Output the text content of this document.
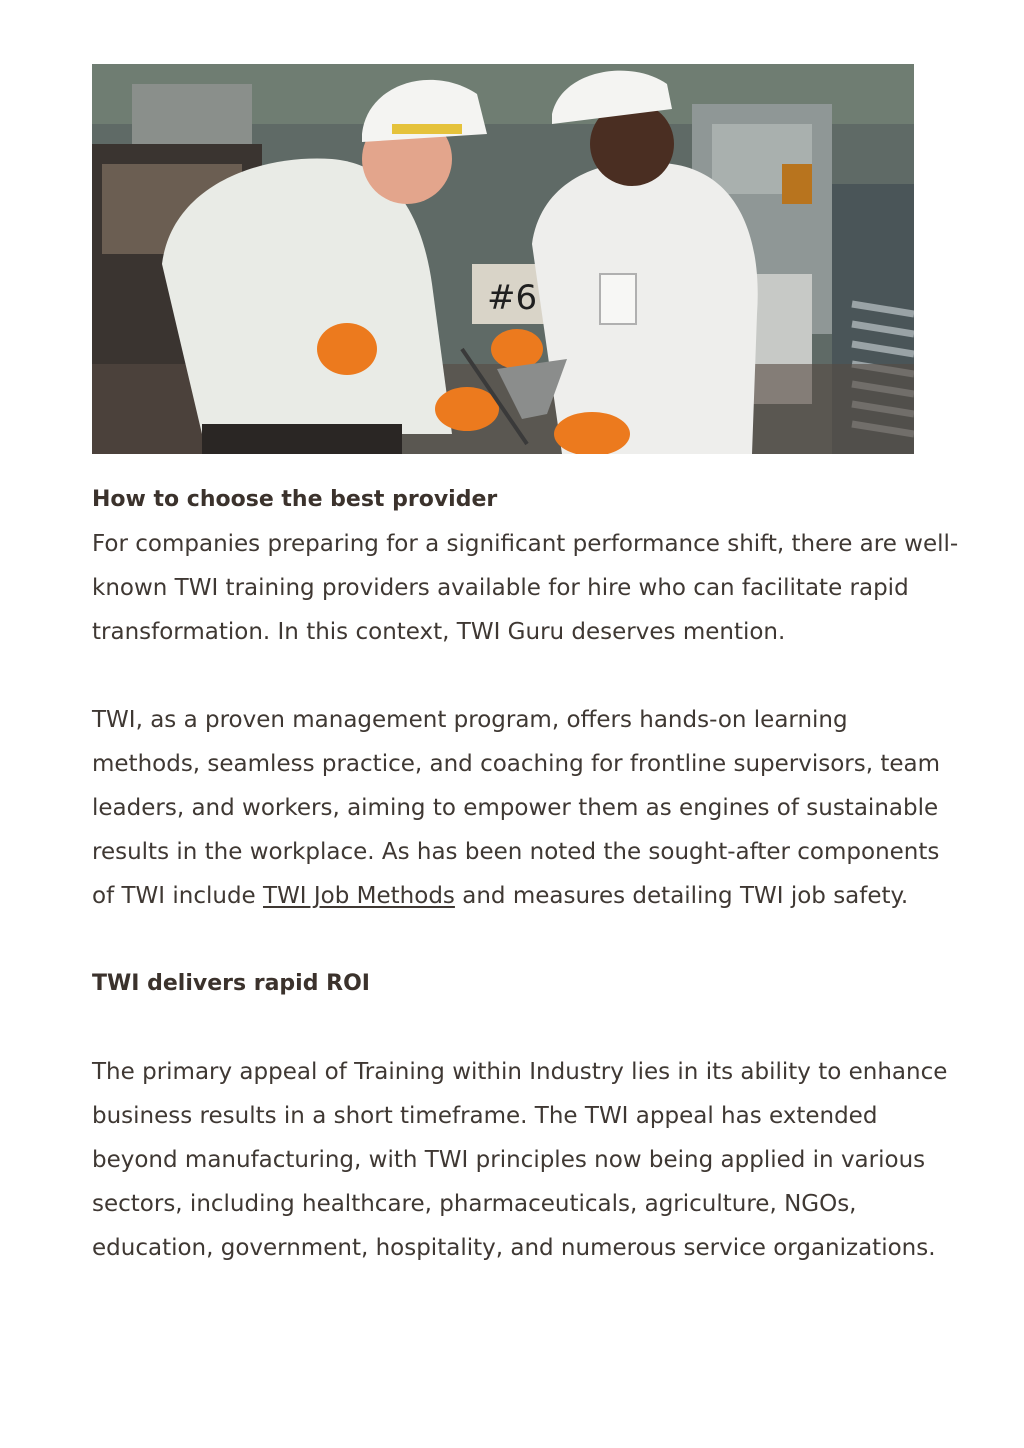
#6

How to choose the best provider

For companies preparing for a significant performance shift, there are well-known TWI training providers available for hire who can facilitate rapid transformation. In this context, TWI Guru deserves mention.

TWI, as a proven management program, offers hands-on learning methods, seamless practice, and coaching for frontline supervisors, team leaders, and workers, aiming to empower them as engines of sustainable results in the workplace. As has been noted the sought-after components of TWI include TWI Job Methods and measures detailing TWI job safety.

TWI delivers rapid ROI

The primary appeal of Training within Industry lies in its ability to enhance business results in a short timeframe. The TWI appeal has extended beyond manufacturing, with TWI principles now being applied in various sectors, including healthcare, pharmaceuticals, agriculture, NGOs, education, government, hospitality, and numerous service organizations.
